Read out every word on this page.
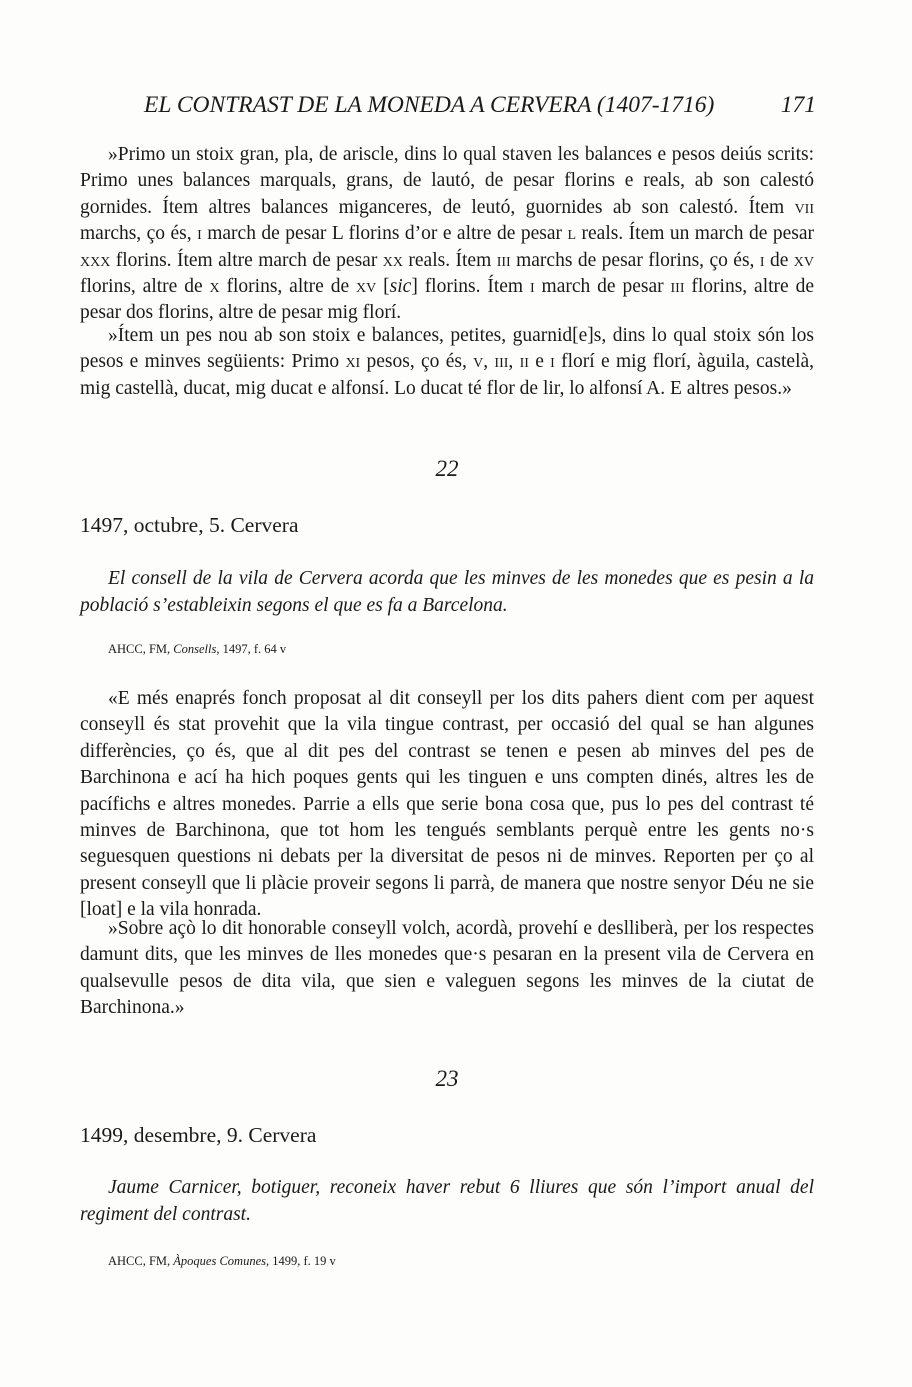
EL CONTRAST DE LA MONEDA A CERVERA (1407-1716)	171

»Primo un stoix gran, pla, de ariscle, dins lo qual staven les balances e pesos deiús scrits: Primo unes balances marquals, grans, de lautó, de pesar florins e reals, ab son calestó gornides. Ítem altres balances miganceres, de leutó, guornides ab son calestó. Ítem vii marchs, ço és, i march de pesar L florins d’or e altre de pesar l reals. Ítem un march de pesar xxx florins. Ítem altre march de pesar xx reals. Ítem iii marchs de pesar florins, ço és, i de xv florins, altre de x florins, altre de xv [sic] florins. Ítem i march de pesar iii florins, altre de pesar dos florins, altre de pesar mig florí.

»Ítem un pes nou ab son stoix e balances, petites, guarnid[e]s, dins lo qual stoix són los pesos e minves següients: Primo xi pesos, ço és, v, iii, ii e i florí e mig florí, àguila, castelà, mig castellà, ducat, mig ducat e alfonsí. Lo ducat té flor de lir, lo alfonsí A. E altres pesos.»

22
1497, octubre, 5. Cervera

El consell de la vila de Cervera acorda que les minves de les monedes que es pesin a la població s’estableixin segons el que es fa a Barcelona.

AHCC, FM, Consells, 1497, f. 64 v

«E més enaprés fonch proposat al dit conseyll per los dits pahers dient com per aquest conseyll és stat provehit que la vila tingue contrast, per occasió del qual se han algunes differències, ço és, que al dit pes del contrast se tenen e pesen ab minves del pes de Barchinona e ací ha hich poques gents qui les tinguen e uns compten dinés, altres les de pacífichs e altres monedes. Parrie a ells que serie bona cosa que, pus lo pes del contrast té minves de Barchinona, que tot hom les tengués semblants perquè entre les gents no·s seguesquen questions ni debats per la diversitat de pesos ni de minves. Reporten per ço al present conseyll que li plàcie proveir segons li parrà, de manera que nostre senyor Déu ne sie [loat] e la vila honrada.

»Sobre açò lo dit honorable conseyll volch, acordà, provehí e deslliberà, per los respectes damunt dits, que les minves de lles monedes que·s pesaran en la present vila de Cervera en qualsevulle pesos de dita vila, que sien e valeguen segons les minves de la ciutat de Barchinona.»

23
1499, desembre, 9. Cervera

Jaume Carnicer, botiguer, reconeix haver rebut 6 lliures que són l’import anual del regiment del contrast.

AHCC, FM, Àpoques Comunes, 1499, f. 19 v
